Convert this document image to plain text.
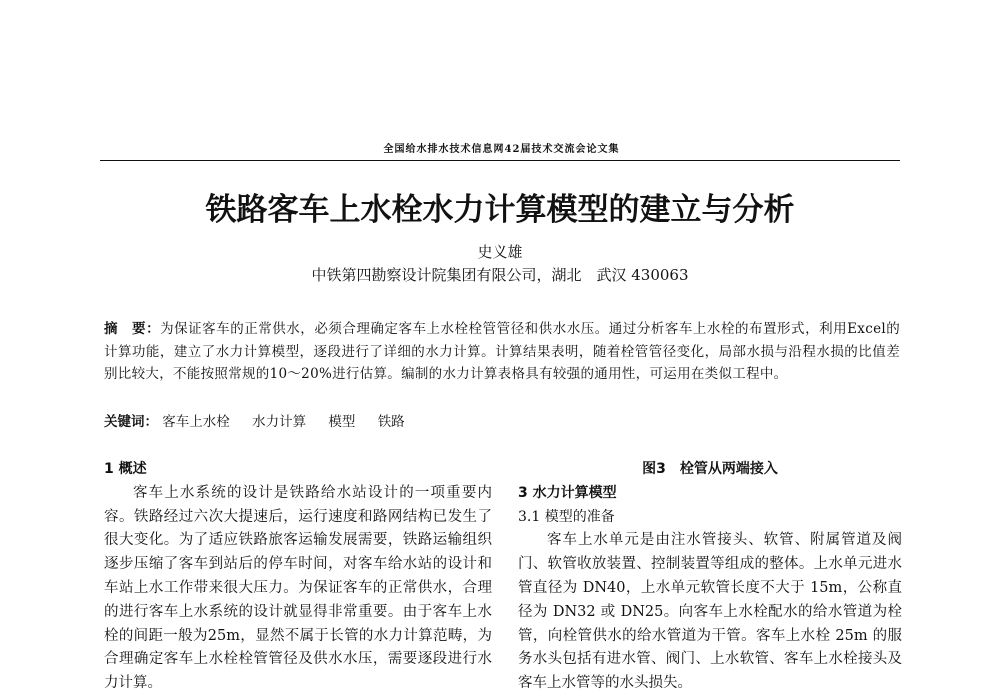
全国给水排水技术信息网42届技术交流会论文集
铁路客车上水栓水力计算模型的建立与分析
史义雄
中铁第四勘察设计院集团有限公司，湖北　武汉 430063
摘　要：为保证客车的正常供水，必须合理确定客车上水栓栓管管径和供水水压。通过分析客车上水栓的布置形式，利用Excel的计算功能，建立了水力计算模型，逐段进行了详细的水力计算。计算结果表明，随着栓管管径变化，局部水损与沿程水损的比值差别比较大，不能按照常规的10～20%进行估算。编制的水力计算表格具有较强的通用性，可运用在类似工程中。
关键词： 客车上水栓 水力计算 模型 铁路
1 概述

客车上水系统的设计是铁路给水站设计的一项重要内容。铁路经过六次大提速后，运行速度和路网结构已发生了很大变化。为了适应铁路旅客运输发展需要，铁路运输组织逐步压缩了客车到站后的停车时间，对客车给水站的设计和车站上水工作带来很大压力。为保证客车的正常供水，合理的进行客车上水系统的设计就显得非常重要。由于客车上水栓的间距一般为25m，显然不属于长管的水力计算范畴，为合理确定客车上水栓栓管管径及供水水压，需要逐段进行水力计算。

图3　栓管从两端接入
3 水力计算模型
3.1 模型的准备

客车上水单元是由注水管接头、软管、附属管道及阀门、软管收放装置、控制装置等组成的整体。上水单元进水管直径为 DN40，上水单元软管长度不大于 15m，公称直径为 DN32 或 DN25。向客车上水栓配水的给水管道为栓管，向栓管供水的给水管道为干管。客车上水栓 25m 的服务水头包括有进水管、阀门、上水软管、客车上水栓接头及客车上水管等的水头损失。
